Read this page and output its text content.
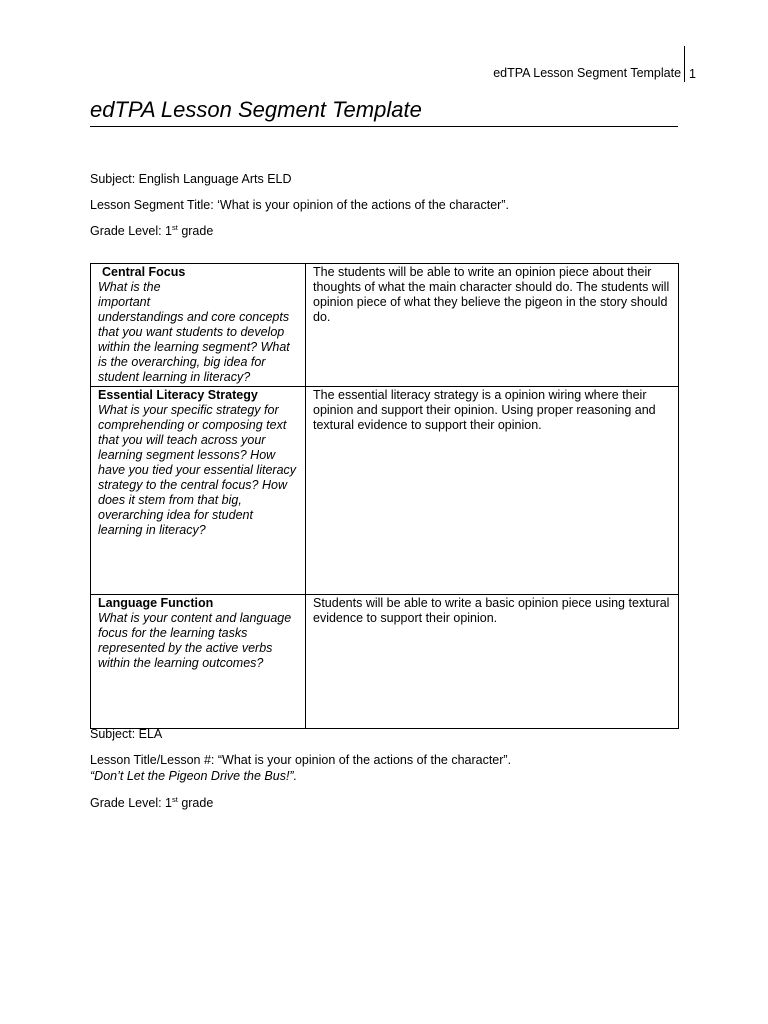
edTPA Lesson Segment Template 1
edTPA Lesson Segment Template
Subject: English Language Arts ELD
Lesson Segment Title: ‘What is your opinion of the actions of the character”.
Grade Level: 1st grade
Central Focus
What is the
important
understandings and core concepts that you want students to develop within the learning segment? What is the overarching, big idea for student learning in literacy?	The students will be able to write an opinion piece about their thoughts of what the main character should do. The students will opinion piece of what they believe the pigeon in the story should do.

Essential Literacy Strategy
What is your specific strategy for comprehending or composing text that you will teach across your learning segment lessons? How have you tied your essential literacy strategy to the central focus? How does it stem from that big, overarching idea for student learning in literacy?	The essential literacy strategy is a opinion wiring where their opinion and support their opinion. Using proper reasoning and textural evidence to support their opinion.

Language Function
What is your content and language focus for the learning tasks represented by the active verbs within the learning outcomes?	Students will be able to write a basic opinion piece using textural evidence to support their opinion.
Subject: ELA
Lesson Title/Lesson #: “What is your opinion of the actions of the character”.
“Don’t Let the Pigeon Drive the Bus!”.
Grade Level: 1st grade
